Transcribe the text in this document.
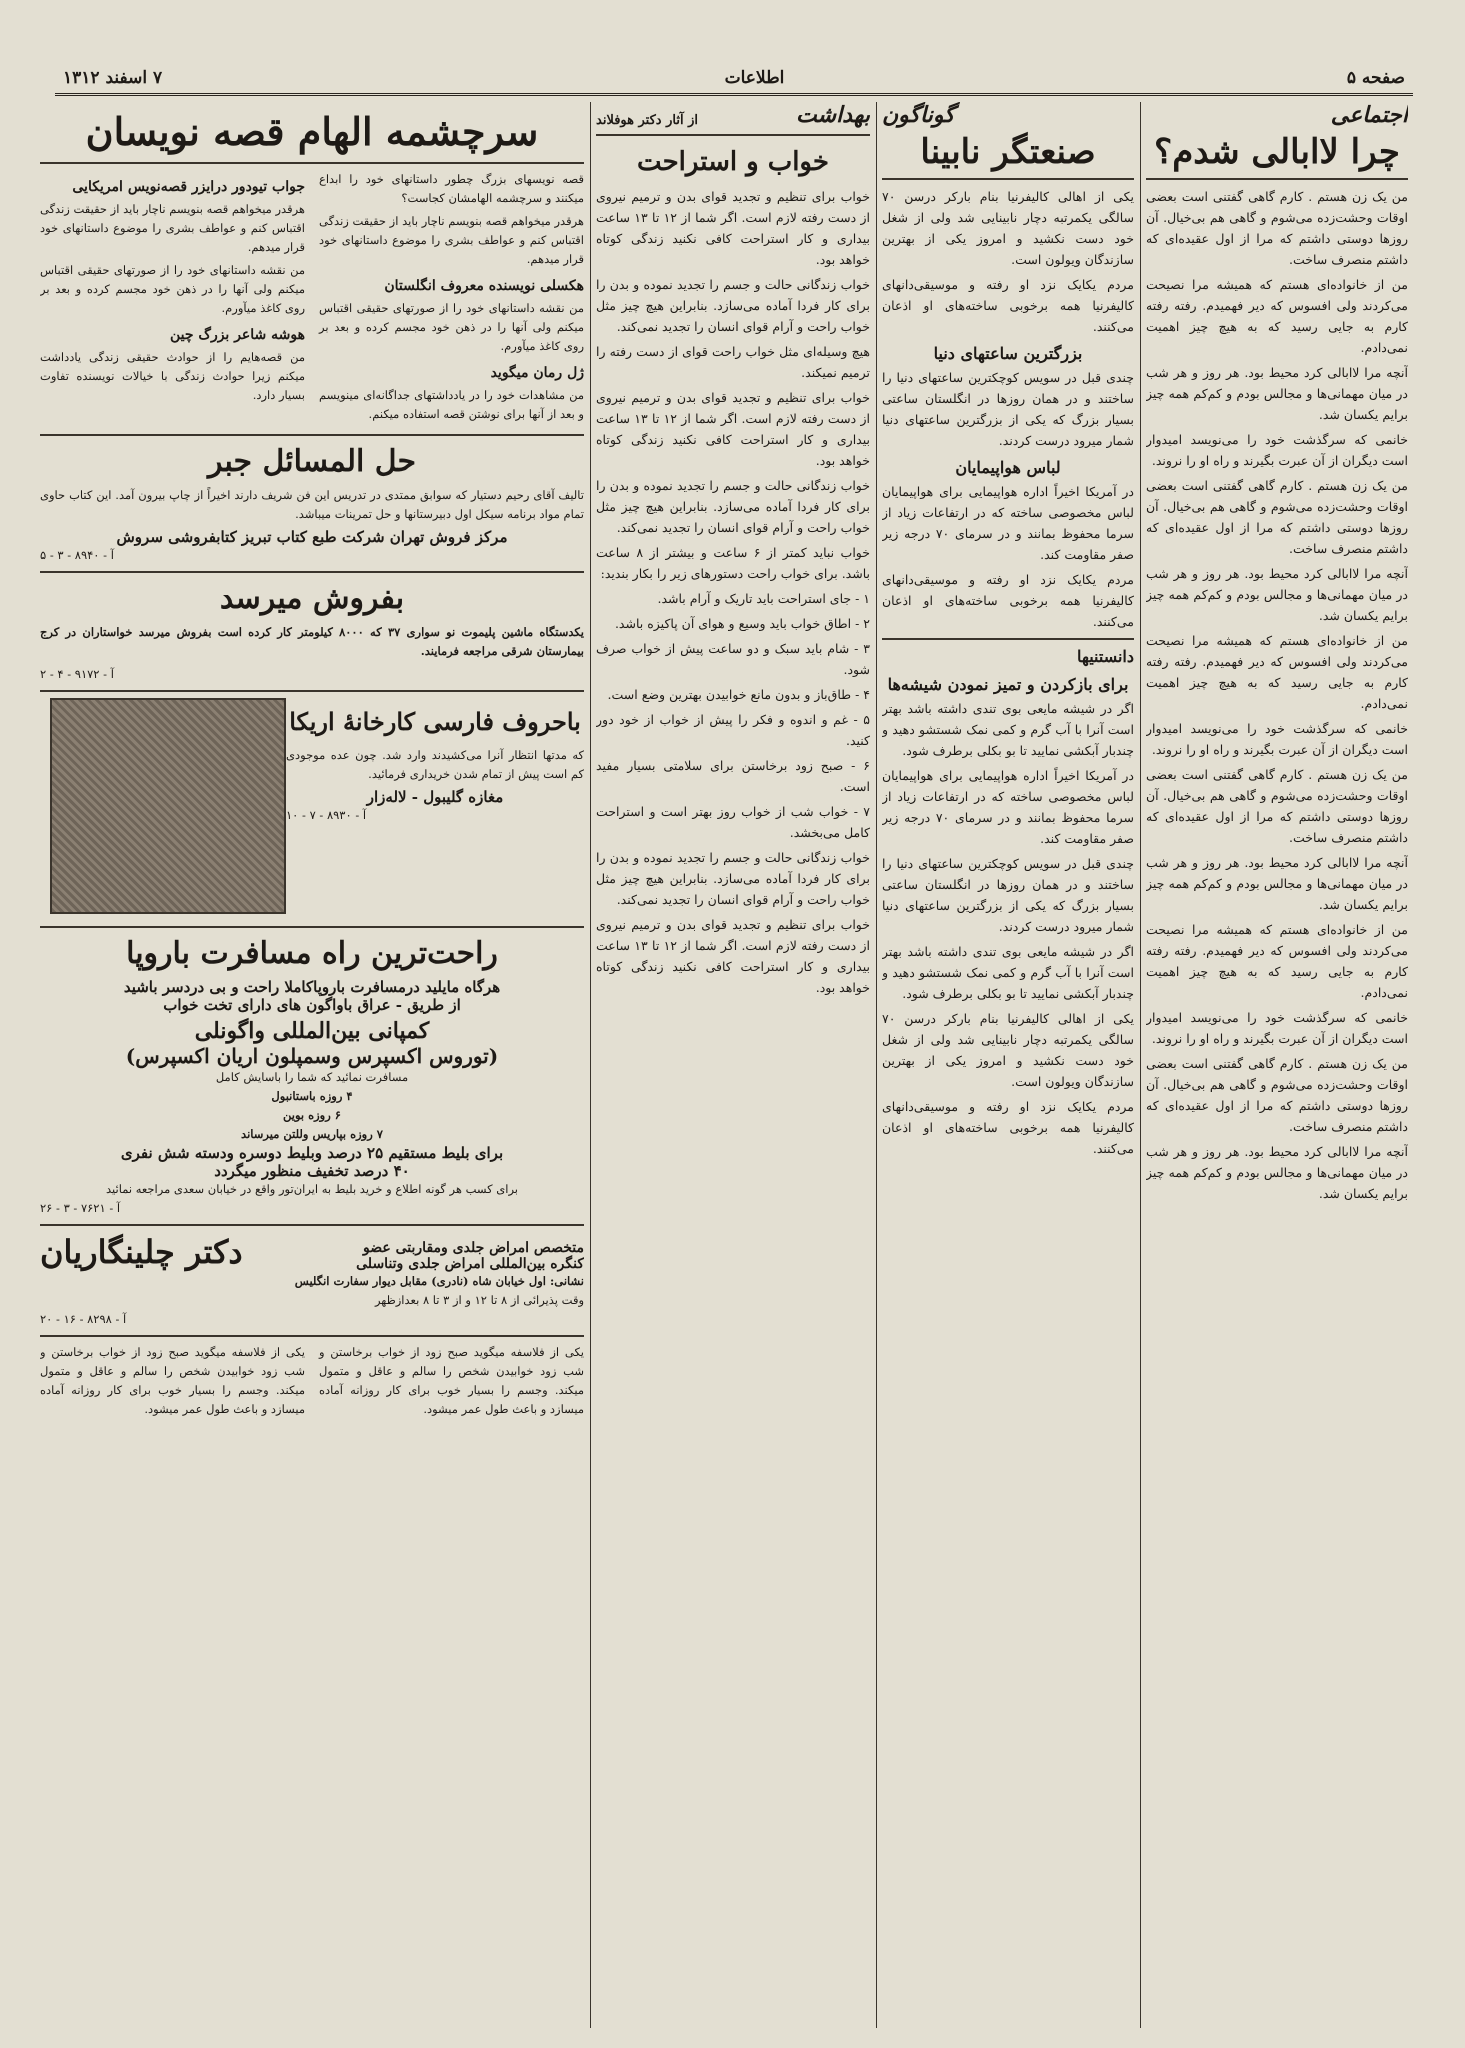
صفحه ۵
اطلاعات
۷ اسفند ۱۳۱۲
اجتماعی
چرا لاابالی شدم؟

من یک زن هستم . کارم گاهی گفتنی است بعضی اوقات وحشت‌زده می‌شوم و گاهی هم بی‌خیال. آن روزها دوستی داشتم که مرا از اول عقیده‌ای که داشتم منصرف ساخت.

من از خانواده‌ای هستم که همیشه مرا نصیحت می‌کردند ولی افسوس که دیر فهمیدم. رفته رفته کارم به جایی رسید که به هیچ چیز اهمیت نمی‌دادم.

آنچه مرا لاابالی کرد محیط بود. هر روز و هر شب در میان مهمانی‌ها و مجالس بودم و کم‌کم همه چیز برایم یکسان شد.

خانمی که سرگذشت خود را می‌نویسد امیدوار است دیگران از آن عبرت بگیرند و راه او را نروند.

من یک زن هستم . کارم گاهی گفتنی است بعضی اوقات وحشت‌زده می‌شوم و گاهی هم بی‌خیال. آن روزها دوستی داشتم که مرا از اول عقیده‌ای که داشتم منصرف ساخت.

آنچه مرا لاابالی کرد محیط بود. هر روز و هر شب در میان مهمانی‌ها و مجالس بودم و کم‌کم همه چیز برایم یکسان شد.

من از خانواده‌ای هستم که همیشه مرا نصیحت می‌کردند ولی افسوس که دیر فهمیدم. رفته رفته کارم به جایی رسید که به هیچ چیز اهمیت نمی‌دادم.

خانمی که سرگذشت خود را می‌نویسد امیدوار است دیگران از آن عبرت بگیرند و راه او را نروند.

من یک زن هستم . کارم گاهی گفتنی است بعضی اوقات وحشت‌زده می‌شوم و گاهی هم بی‌خیال. آن روزها دوستی داشتم که مرا از اول عقیده‌ای که داشتم منصرف ساخت.

آنچه مرا لاابالی کرد محیط بود. هر روز و هر شب در میان مهمانی‌ها و مجالس بودم و کم‌کم همه چیز برایم یکسان شد.

من از خانواده‌ای هستم که همیشه مرا نصیحت می‌کردند ولی افسوس که دیر فهمیدم. رفته رفته کارم به جایی رسید که به هیچ چیز اهمیت نمی‌دادم.

خانمی که سرگذشت خود را می‌نویسد امیدوار است دیگران از آن عبرت بگیرند و راه او را نروند.

من یک زن هستم . کارم گاهی گفتنی است بعضی اوقات وحشت‌زده می‌شوم و گاهی هم بی‌خیال. آن روزها دوستی داشتم که مرا از اول عقیده‌ای که داشتم منصرف ساخت.

آنچه مرا لاابالی کرد محیط بود. هر روز و هر شب در میان مهمانی‌ها و مجالس بودم و کم‌کم همه چیز برایم یکسان شد.

گوناگون
صنعتگر نابینا

یکی از اهالی کالیفرنیا بنام بارکر درسن ۷۰ سالگی یکمرتبه دچار نابینایی شد ولی از شغل خود دست نکشید و امروز یکی از بهترین سازندگان ویولون است.

مردم یکایک نزد او رفته و موسیقی‌دانهای کالیفرنیا همه برخوبی ساخته‌های او اذعان می‌کنند.

بزرگترین ساعتهای دنیا

چندی قبل در سویس کوچکترین ساعتهای دنیا را ساختند و در همان روزها در انگلستان ساعتی بسیار بزرگ که یکی از بزرگترین ساعتهای دنیا شمار میرود درست کردند.

لباس هواپیمایان

در آمریکا اخیراً اداره هواپیمایی برای هواپیمایان لباس مخصوصی ساخته که در ارتفاعات زیاد از سرما محفوظ بمانند و در سرمای ۷۰ درجه زیر صفر مقاومت کند.

مردم یکایک نزد او رفته و موسیقی‌دانهای کالیفرنیا همه برخوبی ساخته‌های او اذعان می‌کنند.

دانستنیها
برای بازکردن و تمیز نمودن شیشه‌ها

اگر در شیشه مایعی بوی تندی داشته باشد بهتر است آنرا با آب گرم و کمی نمک شستشو دهید و چندبار آبکشی نمایید تا بو بکلی برطرف شود.

در آمریکا اخیراً اداره هواپیمایی برای هواپیمایان لباس مخصوصی ساخته که در ارتفاعات زیاد از سرما محفوظ بمانند و در سرمای ۷۰ درجه زیر صفر مقاومت کند.

چندی قبل در سویس کوچکترین ساعتهای دنیا را ساختند و در همان روزها در انگلستان ساعتی بسیار بزرگ که یکی از بزرگترین ساعتهای دنیا شمار میرود درست کردند.

اگر در شیشه مایعی بوی تندی داشته باشد بهتر است آنرا با آب گرم و کمی نمک شستشو دهید و چندبار آبکشی نمایید تا بو بکلی برطرف شود.

یکی از اهالی کالیفرنیا بنام بارکر درسن ۷۰ سالگی یکمرتبه دچار نابینایی شد ولی از شغل خود دست نکشید و امروز یکی از بهترین سازندگان ویولون است.

مردم یکایک نزد او رفته و موسیقی‌دانهای کالیفرنیا همه برخوبی ساخته‌های او اذعان می‌کنند.

بهداشت
از آثار دکتر هوفلاند
خواب و استراحت

خواب برای تنظیم و تجدید قوای بدن و ترمیم نیروی از دست رفته لازم است. اگر شما از ۱۲ تا ۱۳ ساعت بیداری و کار استراحت کافی نکنید زندگی کوتاه خواهد بود.

خواب زندگانی حالت و جسم را تجدید نموده و بدن را برای کار فردا آماده می‌سازد. بنابراین هیچ چیز مثل خواب راحت و آرام قوای انسان را تجدید نمی‌کند.

هیچ وسیله‌ای مثل خواب راحت قوای از دست رفته را ترمیم نمیکند.

خواب برای تنظیم و تجدید قوای بدن و ترمیم نیروی از دست رفته لازم است. اگر شما از ۱۲ تا ۱۳ ساعت بیداری و کار استراحت کافی نکنید زندگی کوتاه خواهد بود.

خواب زندگانی حالت و جسم را تجدید نموده و بدن را برای کار فردا آماده می‌سازد. بنابراین هیچ چیز مثل خواب راحت و آرام قوای انسان را تجدید نمی‌کند.

خواب نباید کمتر از ۶ ساعت و بیشتر از ۸ ساعت باشد. برای خواب راحت دستورهای زیر را بکار بندید:

۱ - جای استراحت باید تاریک و آرام باشد.

۲ - اطاق خواب باید وسیع و هوای آن پاکیزه باشد.

۳ - شام باید سبک و دو ساعت پیش از خواب صرف شود.

۴ - طاق‌باز و بدون مانع خوابیدن بهترین وضع است.

۵ - غم و اندوه و فکر را پیش از خواب از خود دور کنید.

۶ - صبح زود برخاستن برای سلامتی بسیار مفید است.

۷ - خواب شب از خواب روز بهتر است و استراحت کامل می‌بخشد.

خواب زندگانی حالت و جسم را تجدید نموده و بدن را برای کار فردا آماده می‌سازد. بنابراین هیچ چیز مثل خواب راحت و آرام قوای انسان را تجدید نمی‌کند.

خواب برای تنظیم و تجدید قوای بدن و ترمیم نیروی از دست رفته لازم است. اگر شما از ۱۲ تا ۱۳ ساعت بیداری و کار استراحت کافی نکنید زندگی کوتاه خواهد بود.

سرچشمه الهام قصه نویسان

قصه نویسهای بزرگ چطور داستانهای خود را ابداع میکنند و سرچشمه الهامشان کجاست؟

هرقدر میخواهم قصه بنویسم ناچار باید از حقیقت زندگی اقتباس کنم و عواطف بشری را موضوع داستانهای خود قرار میدهم.

هکسلی نویسنده معروف انگلستان

من نقشه داستانهای خود را از صورتهای حقیقی اقتباس میکنم ولی آنها را در ذهن خود مجسم کرده و بعد بر روی کاغذ میآورم.

ژل رمان میگوید

من مشاهدات خود را در یادداشتهای جداگانه‌ای مینویسم و بعد از آنها برای نوشتن قصه استفاده میکنم.

جواب تیودور درایزر قصه‌نویس امریکایی

هرقدر میخواهم قصه بنویسم ناچار باید از حقیقت زندگی اقتباس کنم و عواطف بشری را موضوع داستانهای خود قرار میدهم.

من نقشه داستانهای خود را از صورتهای حقیقی اقتباس میکنم ولی آنها را در ذهن خود مجسم کرده و بعد بر روی کاغذ میآورم.

هوشه شاعر بزرگ چین

من قصه‌هایم را از حوادث حقیقی زندگی یادداشت میکنم زیرا حوادث زندگی با خیالات نویسنده تفاوت بسیار دارد.

حل المسائل جبر

تالیف آقای رحیم دستیار که سوابق ممتدی در تدریس این فن شریف دارند اخیراً از چاپ بیرون آمد. این کتاب حاوی تمام مواد برنامه سیکل اول دبیرستانها و حل تمرینات میباشد.

مرکز فروش تهران شرکت طبع کتاب تبریز کتابفروشی سروش
آ - ۸۹۴۰ - ۳ - ۵
بفروش میرسد

یکدستگاه ماشین پلیموت نو سواری ۳۷ که ۸۰۰۰ کیلومتر کار کرده است بفروش میرسد خواستاران در کرج بیمارستان شرقی مراجعه فرمایند.

آ - ۹۱۷۲ - ۴ - ۲
باحروف فارسی کارخانهٔ اریکا

که مدتها انتظار آنرا می‌کشیدند وارد شد. چون عده موجودی کم است پیش از تمام شدن خریداری فرمائید.

مغازه گلیبول - لاله‌زار
آ - ۸۹۳۰ - ۷ - ۱۰
راحت‌ترین راه مسافرت باروپا
هرگاه مایلید درمسافرت باروپاکاملا راحت و بی دردسر باشید
از طریق - عراق باواگون های دارای تخت خواب
کمپانی بین‌المللی واگونلی
(توروس اکسپرس وسمپلون اریان اکسپرس)
مسافرت نمائید که شما را باسایش کامل
۴ روزه باستانبول
۶ روزه بوین
۷ روزه بپاریس وللتن میرساند
برای بلیط مستقیم ۲۵ درصد وبلیط دوسره ودسته شش نفری
۴۰ درصد تخفیف منظور میگردد
برای کسب هر گونه اطلاع و خرید بلیط به ایران‌تور واقع در خیابان سعدی مراجعه نمائید
آ - ۷۶۲۱ - ۳ - ۲۶
متخصص امراض جلدی ومقاربتی عضو
کنگره بین‌المللی امراض جلدی وتناسلی
دکتر چلینگاریان
نشانی: اول خیابان شاه (نادری) مقابل دیوار سفارت انگلیس
وقت پذیرائی از ۸ تا ۱۲ و از ۳ تا ۸ بعدازظهر
آ - ۸۲۹۸ - ۱۶ - ۲۰

یکی از فلاسفه میگوید صبح زود از خواب برخاستن و شب زود خوابیدن شخص را سالم و عاقل و متمول میکند. وجسم را بسیار خوب برای کار روزانه آماده میسازد و باعث طول عمر میشود.

یکی از فلاسفه میگوید صبح زود از خواب برخاستن و شب زود خوابیدن شخص را سالم و عاقل و متمول میکند. وجسم را بسیار خوب برای کار روزانه آماده میسازد و باعث طول عمر میشود.
